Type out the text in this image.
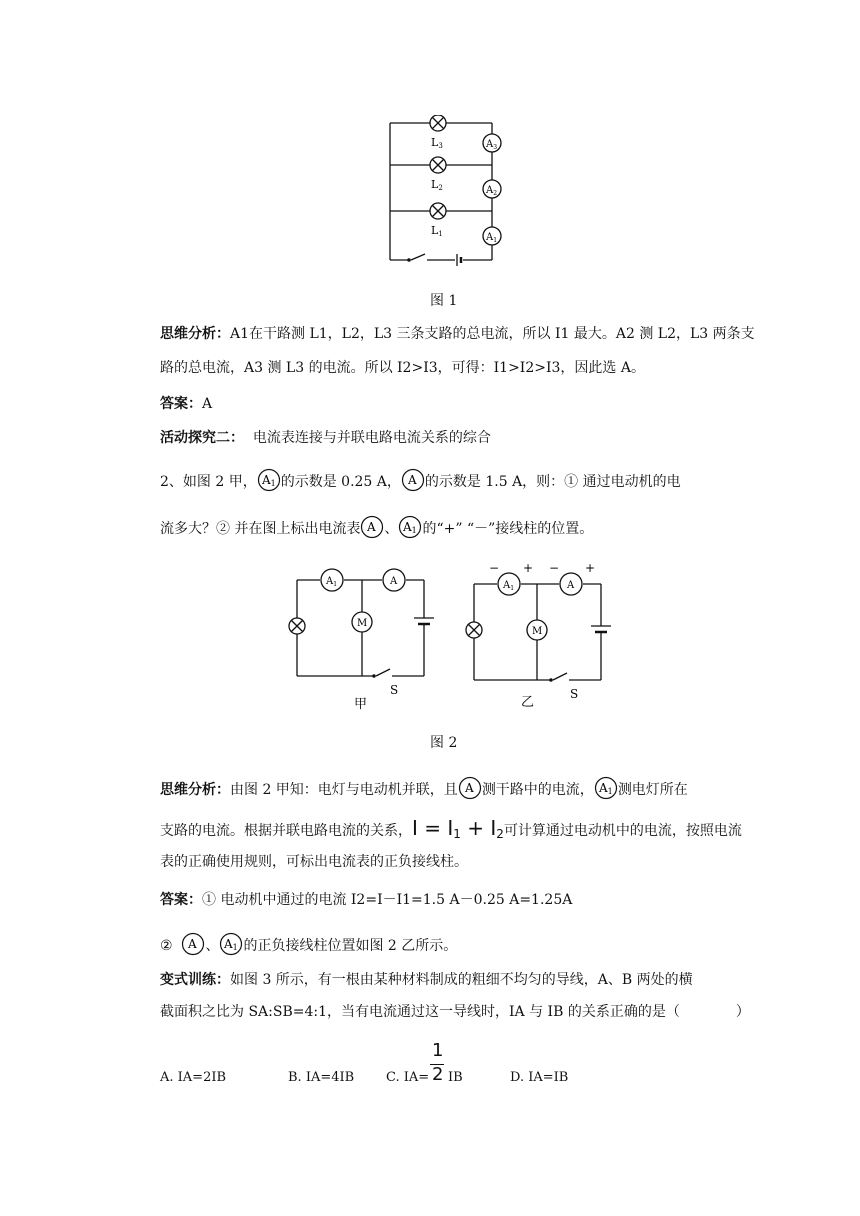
$A_3$
$A_2$
$A_1$
L3
L2
L1
图 1
思维分析：A1在干路测 L1，L2，L3 三条支路的总电流，所以 I1 最大。A2 测 L2，L3 两条支
路的总电流，A3 测 L3 的电流。所以 I2>I3，可得：I1>I2>I3，因此选 A。
答案：A
活动探究二： 电流表连接与并联电路电流关系的综合
2、如图 2 甲， A1 的示数是 0.25 A， A 的示数是 1.5 A，则：① 通过电动机的电
流多大？② 并在图上标出电流表 A 、 A1 的“+” “－”接线柱的位置。
M
$A_1$	A
S
甲
M
$A_1$	A
− + − +
S
乙
图 2
思维分析：由图 2 甲知：电灯与电动机并联，且 A 测干路中的电流， A1 测电灯所在
支路的电流。根据并联电路电流的关系，I = I1 + I2可计算通过电动机中的电流，按照电流
表的正确使用规则，可标出电流表的正负接线柱。
答案：① 电动机中通过的电流 I2=I－I1=1.5 A－0.25 A=1.25A
② A 、 A1 的正负接线柱位置如图 2 乙所示。
变式训练：如图 3 所示，有一根由某种材料制成的粗细不均匀的导线，A、B 两处的横
截面积之比为 SA:SB=4:1，当有电流通过这一导线时，IA 与 IB 的关系正确的是（　　　　）
A. IA=2IB	B. IA=4IB C. IA=
1
2 IB	D. IA=IB
